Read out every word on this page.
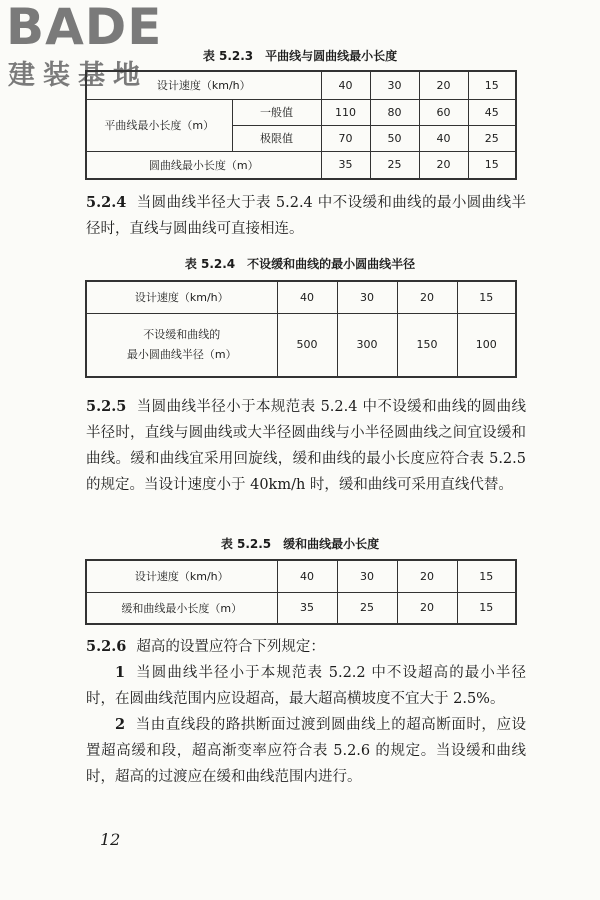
BADE
建装基地
表 5.2.3　平曲线与圆曲线最小长度
设计速度（km/h）		40	30	20	15
平曲线最小长度（m）	一般值	110	80	60	45
	极限值	70	50	40	25
圆曲线最小长度（m）		35	25	20	15
5.2.4 当圆曲线半径大于表 5.2.4 中不设缓和曲线的最小圆曲线半径时，直线与圆曲线可直接相连。
表 5.2.4　不设缓和曲线的最小圆曲线半径
设计速度（km/h）	40	30	20	15

不设缓和曲线的
最小圆曲线半径（m）	500	300	150	100
5.2.5 当圆曲线半径小于本规范表 5.2.4 中不设缓和曲线的圆曲线半径时，直线与圆曲线或大半径圆曲线与小半径圆曲线之间宜设缓和曲线。缓和曲线宜采用回旋线，缓和曲线的最小长度应符合表 5.2.5 的规定。当设计速度小于 40km/h 时，缓和曲线可采用直线代替。
表 5.2.5　缓和曲线最小长度
设计速度（km/h）	40	30	20	15
缓和曲线最小长度（m）	35	25	20	15
5.2.6 超高的设置应符合下列规定：
1 当圆曲线半径小于本规范表 5.2.2 中不设超高的最小半径时，在圆曲线范围内应设超高，最大超高横坡度不宜大于 2.5%。
2 当由直线段的路拱断面过渡到圆曲线上的超高断面时，应设置超高缓和段，超高渐变率应符合表 5.2.6 的规定。当设缓和曲线时，超高的过渡应在缓和曲线范围内进行。
12
